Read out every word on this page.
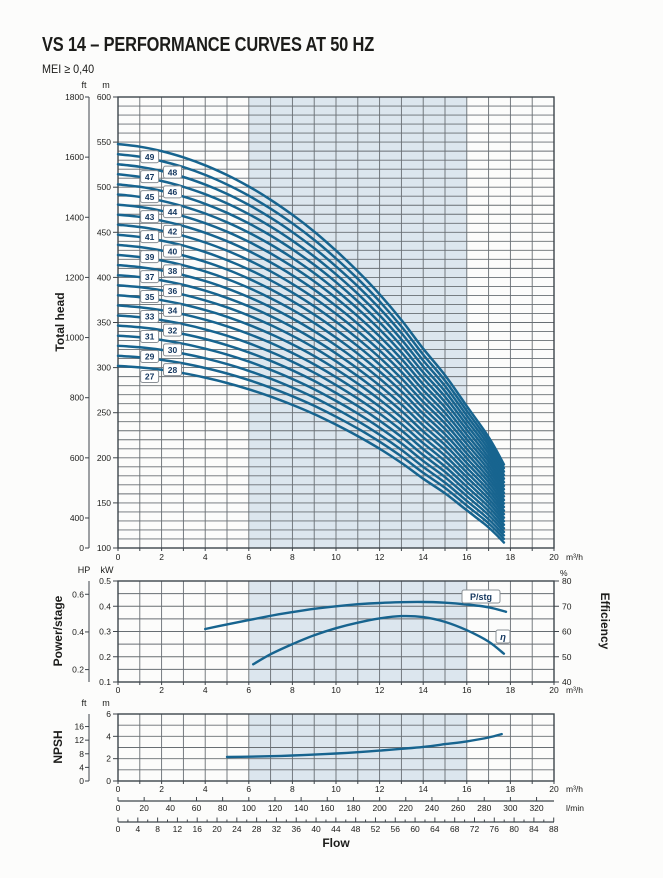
VS 14 – PERFORMANCE CURVES AT 50 HZ
MEI ≥ 0,40
600
550
500
450
400
350
300
250
200
150
100
m
1800
1600
1400
1200
1000
800
600
400
0
ft
Total head
27
28
29
30
31
32
33
34
35
36
37
38
39
40
41
42
43
44
45 46
47 48
49
0	2	4	6	8	10	12	14	16	18	20 m³/h
%
0.5
0.4
0.3
0.2
0.1
kW
0.6
0.4
0.2
HP
80
70
60
50
40
Power/stage	Efficiency
P/stg
η
0	2	4	6	8	10	12	14	16	18	20 m³/h
6
4
2
0
m
16
12
8
4
0
ft
NPSH
0	2	4	6	8	10	12	14	16	18	20 m³/h
0 20 40 60 80 100 120 140 160 180 200 220 240 260 280 300 320	l/min
0 4 8 12 16 20 24 28 32 36 40 44 48 52 56 60 64 68 72 76 80 84 88
Flow
